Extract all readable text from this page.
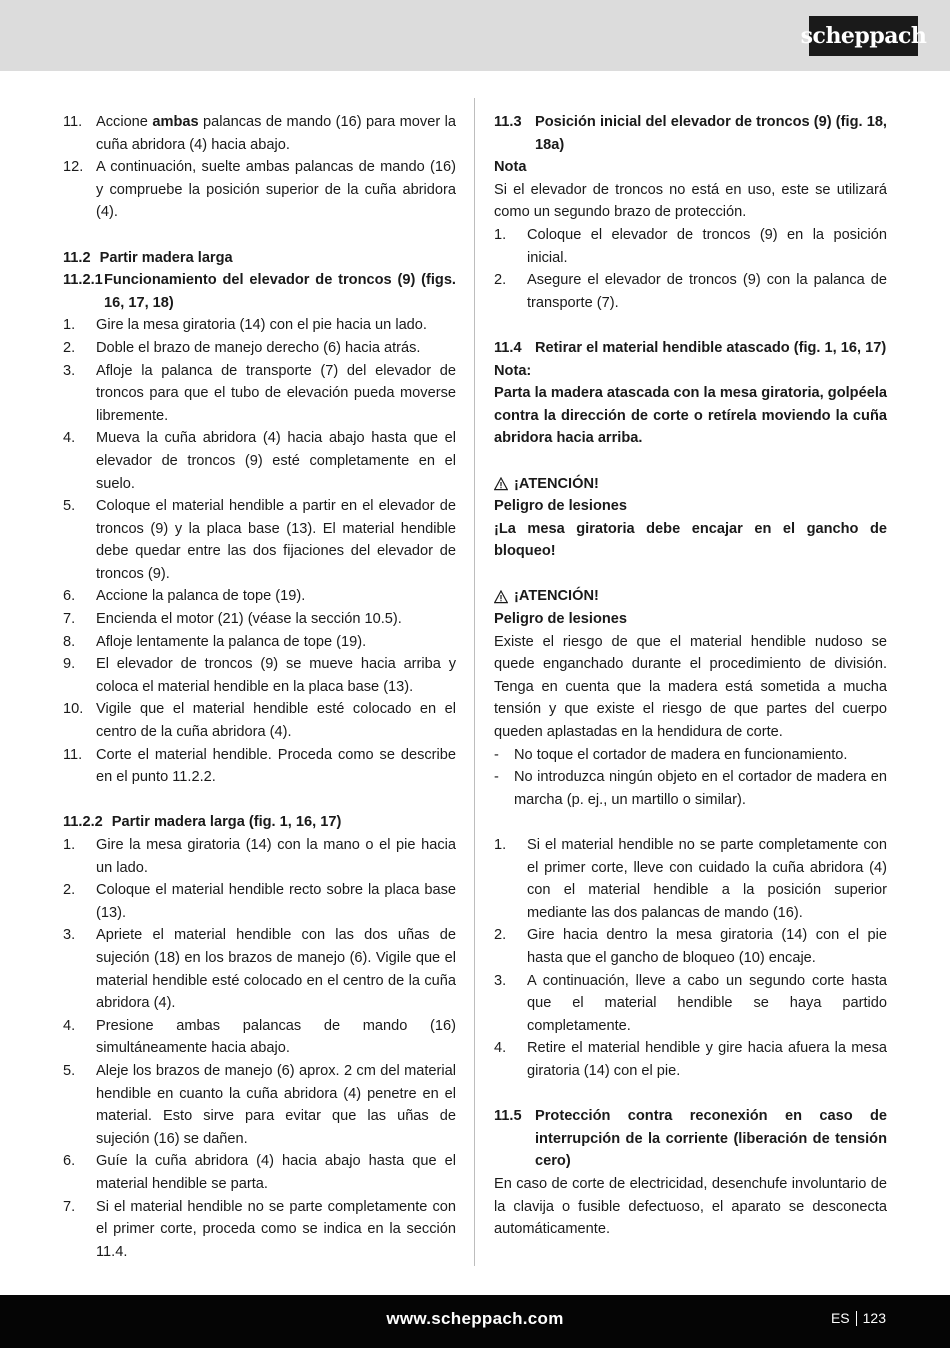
scheppach
11. Accione ambas palancas de mando (16) para mover la cuña abridora (4) hacia abajo.
12. A continuación, suelte ambas palancas de mando (16) y compruebe la posición superior de la cuña abridora (4).
11.2 Partir madera larga
11.2.1 Funcionamiento del elevador de troncos (9) (figs. 16, 17, 18)
1.	Gire la mesa giratoria (14) con el pie hacia un lado.
2.	Doble el brazo de manejo derecho (6) hacia atrás.
3.	Afloje la palanca de transporte (7) del elevador de troncos para que el tubo de elevación pueda moverse libremente.
4.	Mueva la cuña abridora (4) hacia abajo hasta que el elevador de troncos (9) esté completamente en el suelo.
5.	Coloque el material hendible a partir en el elevador de troncos (9) y la placa base (13). El material hendible debe quedar entre las dos fijaciones del elevador de troncos (9).
6.	Accione la palanca de tope (19).
7.	Encienda el motor (21) (véase la sección 10.5).
8.	Afloje lentamente la palanca de tope (19).
9.	El elevador de troncos (9) se mueve hacia arriba y coloca el material hendible en la placa base (13).
10. Vigile que el material hendible esté colocado en el centro de la cuña abridora (4).
11. Corte el material hendible. Proceda como se describe en el punto 11.2.2.
11.2.2 Partir madera larga (fig. 1, 16, 17)
1.	Gire la mesa giratoria (14) con la mano o el pie hacia un lado.
2.	Coloque el material hendible recto sobre la placa base (13).
3.	Apriete el material hendible con las dos uñas de sujeción (18) en los brazos de manejo (6). Vigile que el material hendible esté colocado en el centro de la cuña abridora (4).
4.	Presione ambas palancas de mando (16) simultáneamente hacia abajo.
5.	Aleje los brazos de manejo (6) aprox. 2 cm del material hendible en cuanto la cuña abridora (4) penetre en el material. Esto sirve para evitar que las uñas de sujeción (16) se dañen.
6.	Guíe la cuña abridora (4) hacia abajo hasta que el material hendible se parta.
7.	Si el material hendible no se parte completamente con el primer corte, proceda como se indica en la sección 11.4.
11.3 Posición inicial del elevador de troncos (9) (fig. 18, 18a)
Nota
Si el elevador de troncos no está en uso, este se utilizará como un segundo brazo de protección.
1.	Coloque el elevador de troncos (9) en la posición inicial.
2.	Asegure el elevador de troncos (9) con la palanca de transporte (7).
11.4 Retirar el material hendible atascado (fig. 1, 16, 17)
Nota:
Parta la madera atascada con la mesa giratoria, golpéela contra la dirección de corte o retírela moviendo la cuña abridora hacia arriba.
¡ATENCIÓN!
Peligro de lesiones
¡La mesa giratoria debe encajar en el gancho de bloqueo!
¡ATENCIÓN!
Peligro de lesiones
Existe el riesgo de que el material hendible nudoso se quede enganchado durante el procedimiento de división. Tenga en cuenta que la madera está sometida a mucha tensión y que existe el riesgo de que partes del cuerpo queden aplastadas en la hendidura de corte.
-	No toque el cortador de madera en funcionamiento.
-	No introduzca ningún objeto en el cortador de madera en marcha (p. ej., un martillo o similar).
1.	Si el material hendible no se parte completamente con el primer corte, lleve con cuidado la cuña abridora (4) con el material hendible a la posición superior mediante las dos palancas de mando (16).
2.	Gire hacia dentro la mesa giratoria (14) con el pie hasta que el gancho de bloqueo (10) encaje.
3.	A continuación, lleve a cabo un segundo corte hasta que el material hendible se haya partido completamente.
4.	Retire el material hendible y gire hacia afuera la mesa giratoria (14) con el pie.
11.5 Protección contra reconexión en caso de interrupción de la corriente (liberación de tensión cero)
En caso de corte de electricidad, desenchufe involuntario de la clavija o fusible defectuoso, el aparato se desconecta automáticamente.
www.scheppach.com	ES 123
